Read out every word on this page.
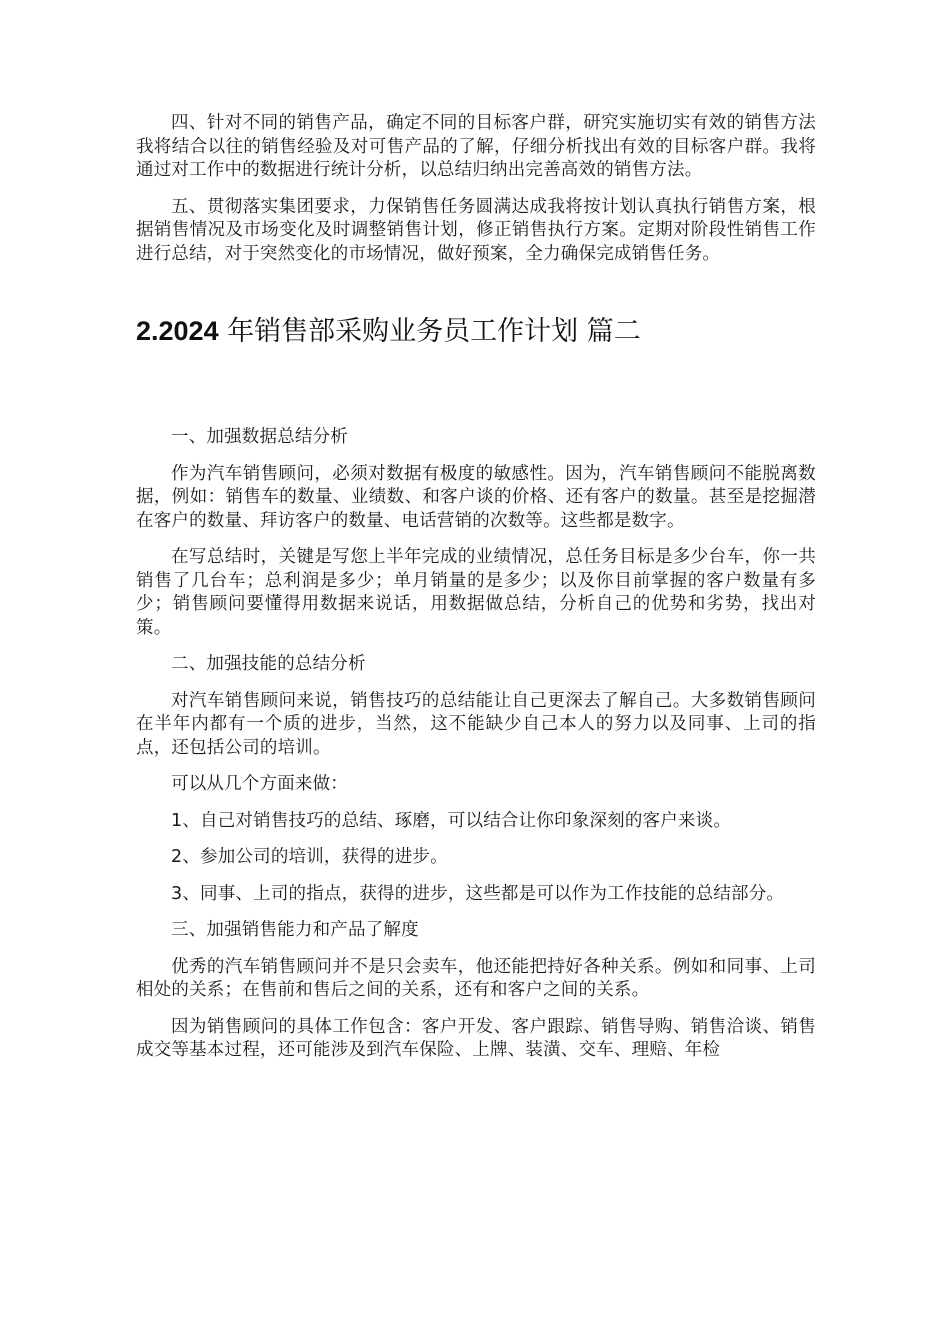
四、针对不同的销售产品，确定不同的目标客户群，研究实施切实有效的销售方法我将结合以往的销售经验及对可售产品的了解，仔细分析找出有效的目标客户群。我将通过对工作中的数据进行统计分析，以总结归纳出完善高效的销售方法。

五、贯彻落实集团要求，力保销售任务圆满达成我将按计划认真执行销售方案，根据销售情况及市场变化及时调整销售计划，修正销售执行方案。定期对阶段性销售工作进行总结，对于突然变化的市场情况，做好预案，全力确保完成销售任务。

2.2024 年销售部采购业务员工作计划 篇二

一、加强数据总结分析

作为汽车销售顾问，必须对数据有极度的敏感性。因为，汽车销售顾问不能脱离数据，例如：销售车的数量、业绩数、和客户谈的价格、还有客户的数量。甚至是挖掘潜在客户的数量、拜访客户的数量、电话营销的次数等。这些都是数字。

在写总结时，关键是写您上半年完成的业绩情况，总任务目标是多少台车，你一共销售了几台车；总利润是多少；单月销量的是多少；以及你目前掌握的客户数量有多少；销售顾问要懂得用数据来说话，用数据做总结，分析自己的优势和劣势，找出对策。

二、加强技能的总结分析

对汽车销售顾问来说，销售技巧的总结能让自己更深去了解自己。大多数销售顾问在半年内都有一个质的进步，当然，这不能缺少自己本人的努力以及同事、上司的指点，还包括公司的培训。

可以从几个方面来做：

1、自己对销售技巧的总结、琢磨，可以结合让你印象深刻的客户来谈。

2、参加公司的培训，获得的进步。

3、同事、上司的指点，获得的进步，这些都是可以作为工作技能的总结部分。

三、加强销售能力和产品了解度

优秀的汽车销售顾问并不是只会卖车，他还能把持好各种关系。例如和同事、上司相处的关系；在售前和售后之间的关系，还有和客户之间的关系。

因为销售顾问的具体工作包含：客户开发、客户跟踪、销售导购、销售洽谈、销售成交等基本过程，还可能涉及到汽车保险、上牌、装潢、交车、理赔、年检
